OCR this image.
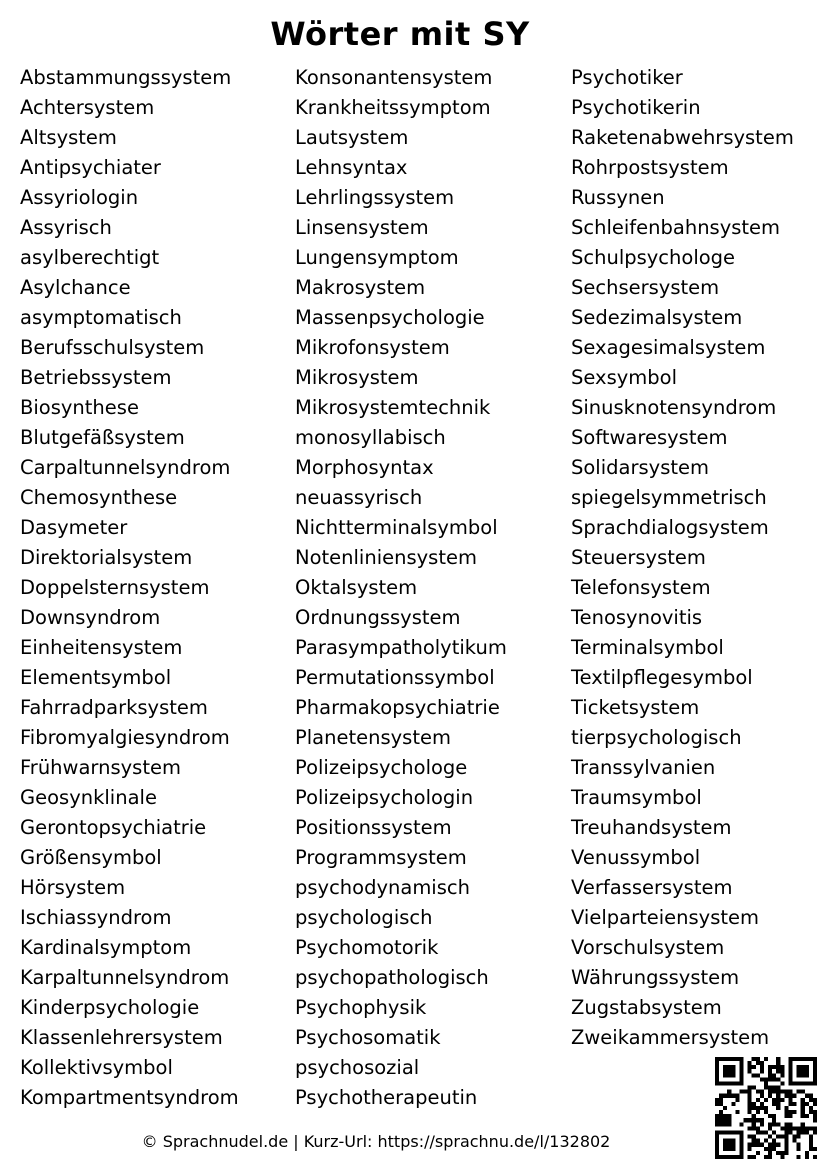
Wörter mit SY
Abstammungssystem
Achtersystem
Altsystem
Antipsychiater
Assyriologin
Assyrisch
asylberechtigt
Asylchance
asymptomatisch
Berufsschulsystem
Betriebssystem
Biosynthese
Blutgefäßsystem
Carpaltunnelsyndrom
Chemosynthese
Dasymeter
Direktorialsystem
Doppelsternsystem
Downsyndrom
Einheitensystem
Elementsymbol
Fahrradparksystem
Fibromyalgiesyndrom
Frühwarnsystem
Geosynklinale
Gerontopsychiatrie
Größensymbol
Hörsystem
Ischiassyndrom
Kardinalsymptom
Karpaltunnelsyndrom
Kinderpsychologie
Klassenlehrersystem
Kollektivsymbol
Kompartmentsyndrom
Konsonantensystem
Krankheitssymptom
Lautsystem
Lehnsyntax
Lehrlingssystem
Linsensystem
Lungensymptom
Makrosystem
Massenpsychologie
Mikrofonsystem
Mikrosystem
Mikrosystemtechnik
monosyllabisch
Morphosyntax
neuassyrisch
Nichtterminalsymbol
Notenliniensystem
Oktalsystem
Ordnungssystem
Parasympatholytikum
Permutationssymbol
Pharmakopsychiatrie
Planetensystem
Polizeipsychologe
Polizeipsychologin
Positionssystem
Programmsystem
psychodynamisch
psychologisch
Psychomotorik
psychopathologisch
Psychophysik
Psychosomatik
psychosozial
Psychotherapeutin
Psychotiker
Psychotikerin
Raketenabwehrsystem
Rohrpostsystem
Russynen
Schleifenbahnsystem
Schulpsychologe
Sechsersystem
Sedezimalsystem
Sexagesimalsystem
Sexsymbol
Sinusknotensyndrom
Softwaresystem
Solidarsystem
spiegelsymmetrisch
Sprachdialogsystem
Steuersystem
Telefonsystem
Tenosynovitis
Terminalsymbol
Textilpflegesymbol
Ticketsystem
tierpsychologisch
Transsylvanien
Traumsymbol
Treuhandsystem
Venussymbol
Verfassersystem
Vielparteiensystem
Vorschulsystem
Währungssystem
Zugstabsystem
Zweikammersystem
© Sprachnudel.de | Kurz-Url: https://sprachnu.de/l/132802
